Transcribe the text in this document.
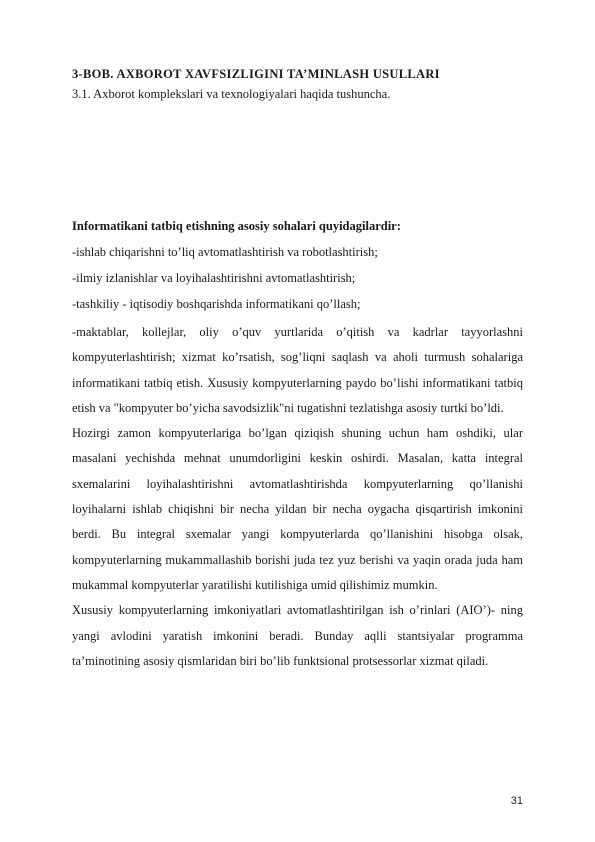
3-BOB. AXBOROT XAVFSIZLIGINI TA’MINLASH USULLARI

3.1. Axborot komplekslari va texnologiyalari haqida tushuncha.

Informatikani tatbiq etishning asosiy sohalari quyidagilardir:

-ishlab chiqarishni to’liq avtomatlashtirish va robotlashtirish;

-ilmiy izlanishlar va loyihalashtirishni avtomatlashtirish;

-tashkiliy - iqtisodiy boshqarishda informatikani qo’llash;

-maktablar, kollejlar, oliy o’quv yurtlarida o’qitish va kadrlar tayyorlashni kompyuterlashtirish; xizmat ko’rsatish, sog’liqni saqlash va aholi turmush sohalariga informatikani tatbiq etish. Xususiy kompyuterlarning paydo bo’lishi informatikani tatbiq etish va "kompyuter bo’yicha savodsizlik"ni tugatishni tezlatishga asosiy turtki bo’ldi.

Hozirgi zamon kompyuterlariga bo’lgan qiziqish shuning uchun ham oshdiki, ular masalani yechishda mehnat unumdorligini keskin oshirdi. Masalan, katta integral sxemalarini loyihalashtirishni avtomatlashtirishda kompyuterlarning qo’llanishi loyihalarni ishlab chiqishni bir necha yildan bir necha oygacha qisqartirish imkonini berdi. Bu integral sxemalar yangi kompyuterlarda qo’llanishini hisobga olsak, kompyuterlarning mukammallashib borishi juda tez yuz berishi va yaqin orada juda ham mukammal kompyuterlar yaratilishi kutilishiga umid qilishimiz mumkin.

Xususiy kompyuterlarning imkoniyatlari avtomatlashtirilgan ish o’rinlari (AIO’)- ning yangi avlodini yaratish imkonini beradi. Bunday aqlli stantsiyalar programma ta’minotining asosiy qismlaridan biri bo’lib funktsional protsessorlar xizmat qiladi.

31
